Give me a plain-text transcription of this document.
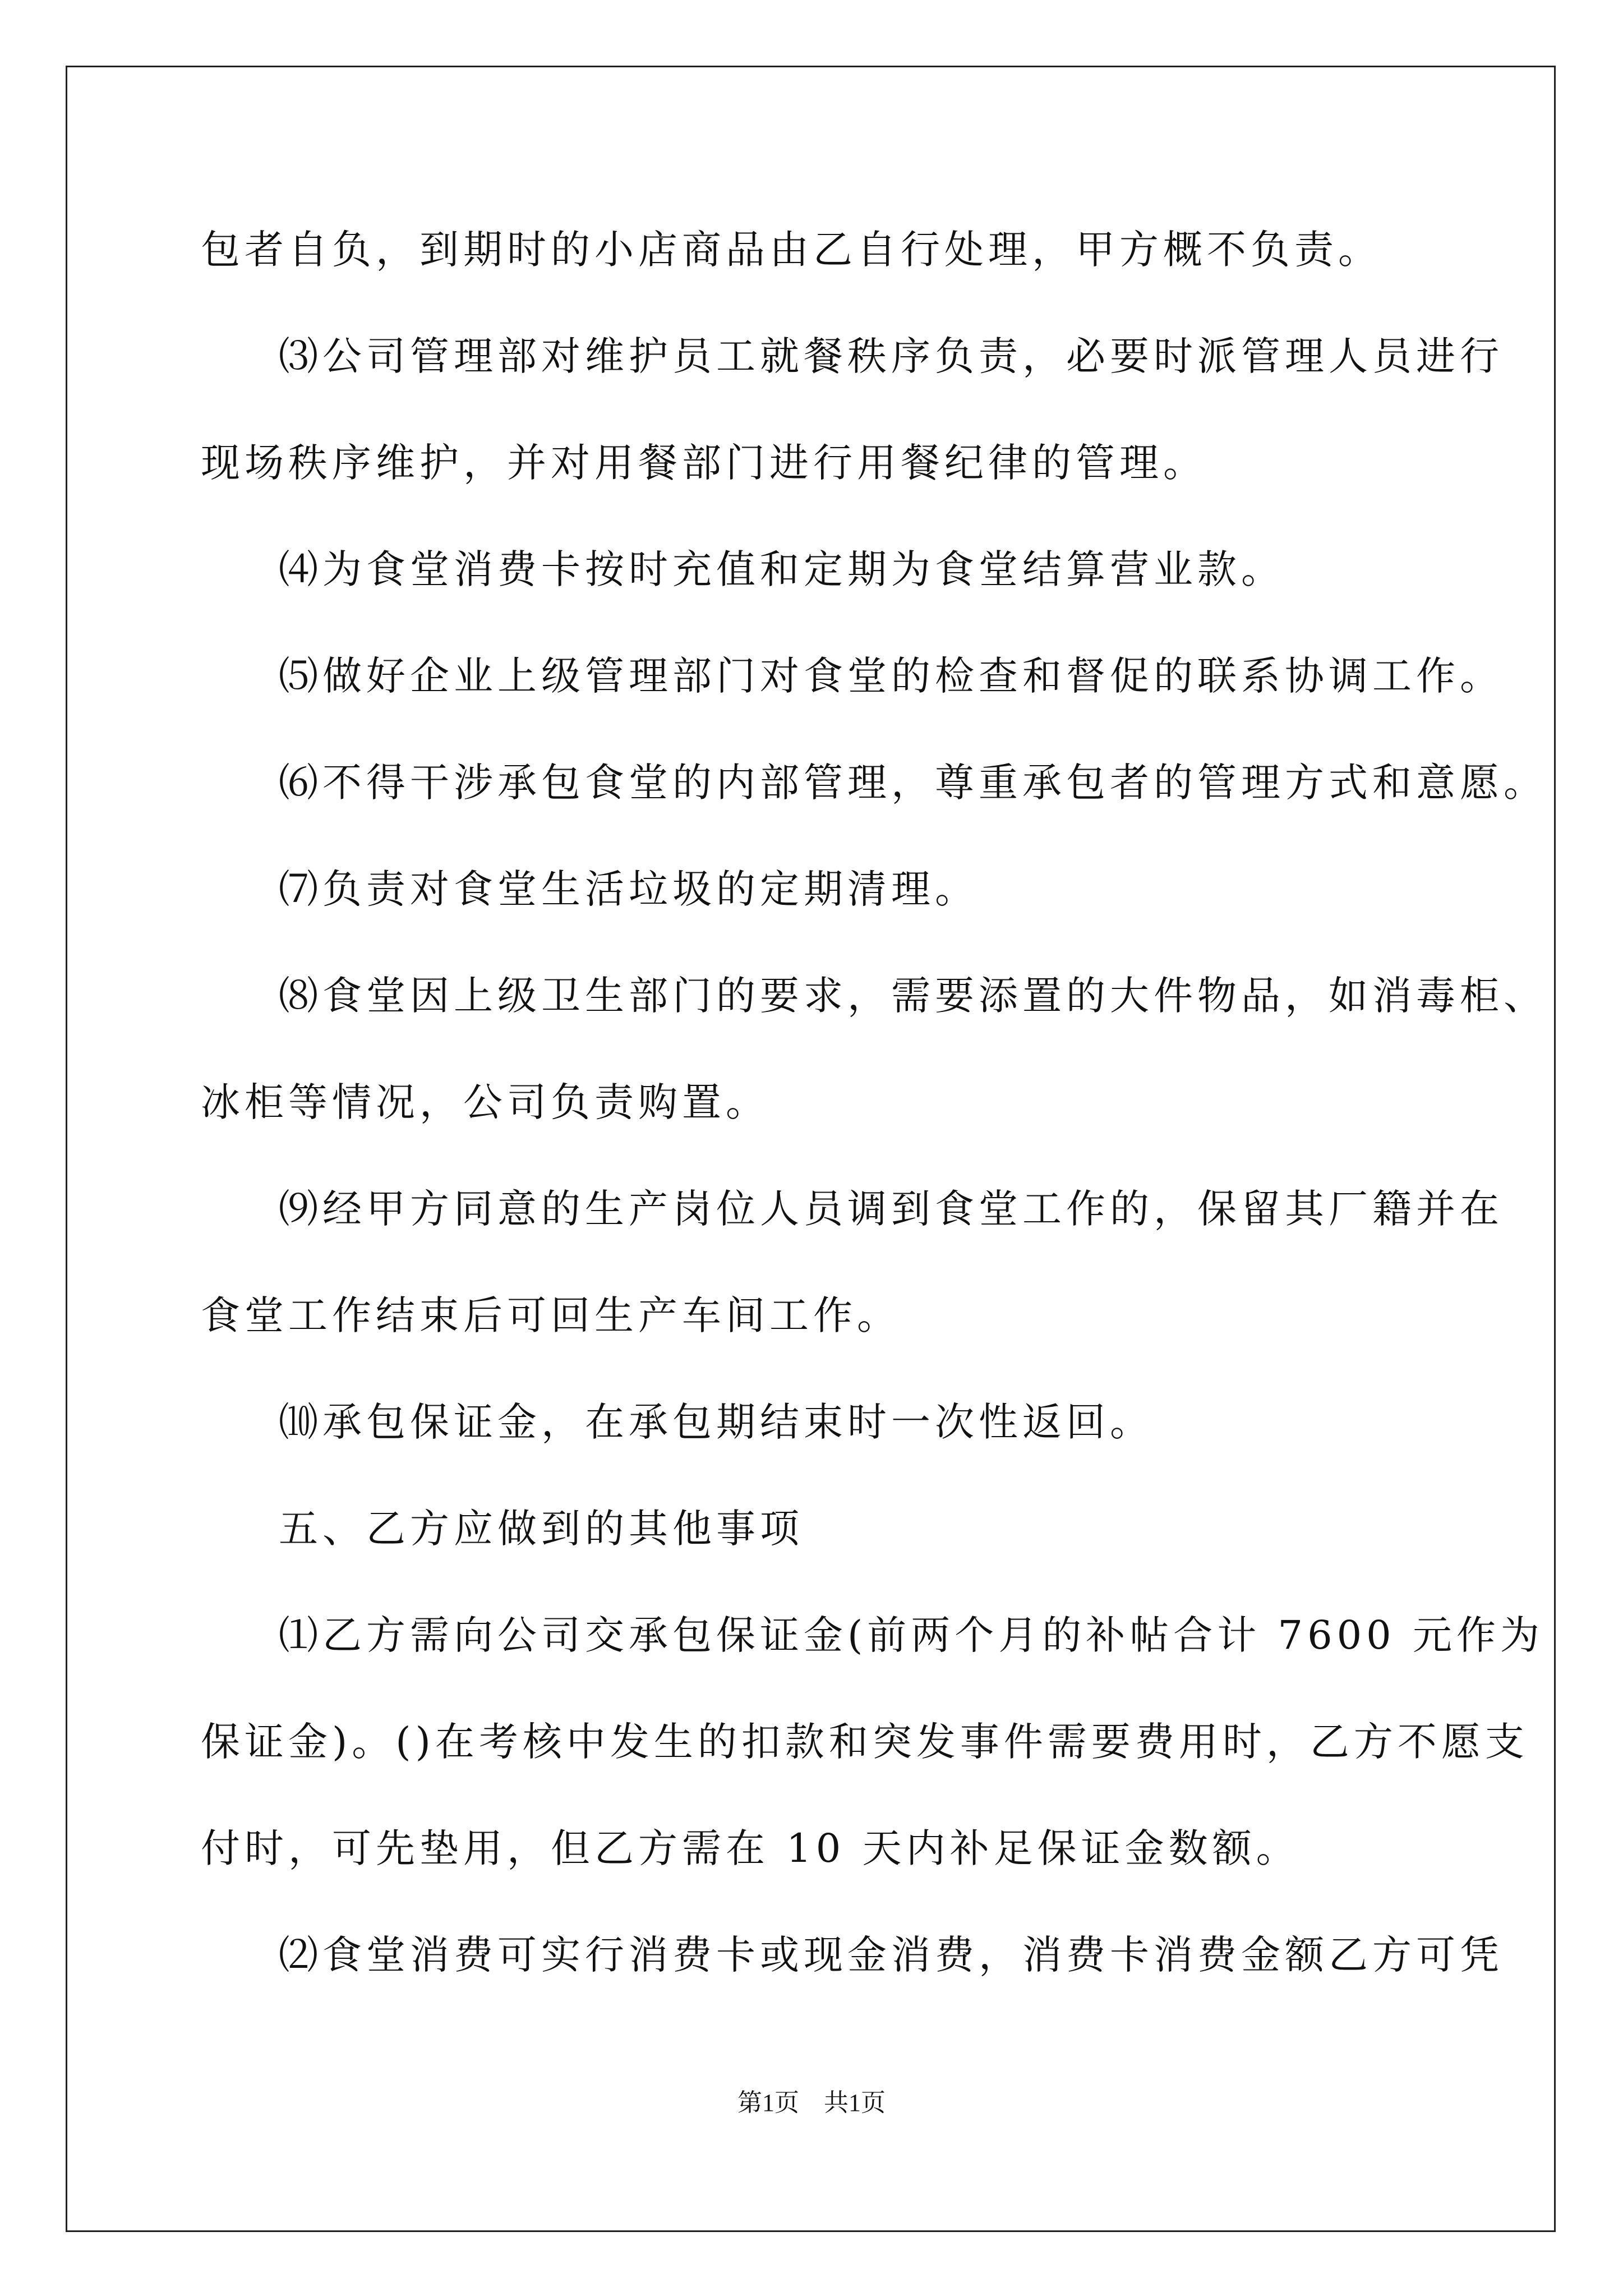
包者自负，到期时的小店商品由乙自行处理，甲方概不负责。
⑶公司管理部对维护员工就餐秩序负责，必要时派管理人员进行
现场秩序维护，并对用餐部门进行用餐纪律的管理。
⑷为食堂消费卡按时充值和定期为食堂结算营业款。
⑸做好企业上级管理部门对食堂的检查和督促的联系协调工作。
⑹不得干涉承包食堂的内部管理，尊重承包者的管理方式和意愿。
⑺负责对食堂生活垃圾的定期清理。
⑻食堂因上级卫生部门的要求，需要添置的大件物品，如消毒柜、
冰柜等情况，公司负责购置。
⑼经甲方同意的生产岗位人员调到食堂工作的，保留其厂籍并在
食堂工作结束后可回生产车间工作。
⑽承包保证金，在承包期结束时一次性返回。
五、乙方应做到的其他事项
⑴乙方需向公司交承包保证金(前两个月的补帖合计 7600 元作为
保证金)。()在考核中发生的扣款和突发事件需要费用时，乙方不愿支
付时，可先垫用，但乙方需在 10 天内补足保证金数额。
⑵食堂消费可实行消费卡或现金消费，消费卡消费金额乙方可凭
第1页　共1页
